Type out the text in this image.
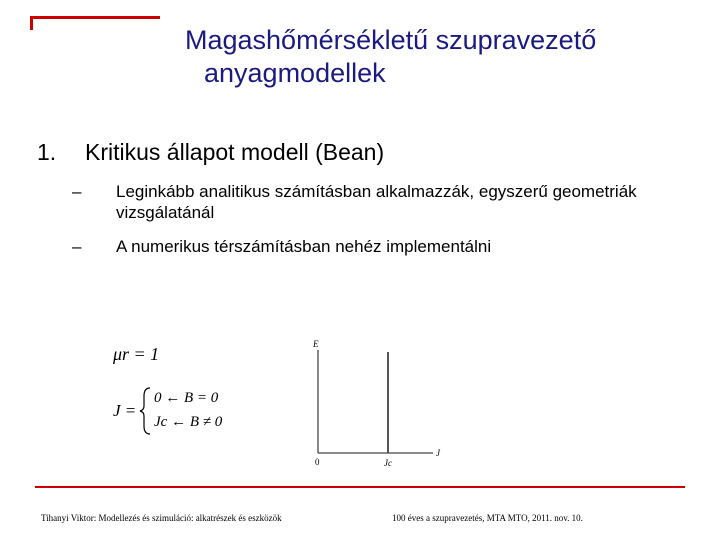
Magashőmérsékletű szupravezető
anyagmodellek
1. Kritikus állapot modell (Bean)
– Leginkább analitikus számításban alkalmazzák, egyszerű geometriák vizsgálatánál
– A numerikus térszámításban nehéz implementálni
μr = 1
J =
0 ← B = 0
Jc ← B ≠ 0
E
J
0	Jc
Tihanyi Viktor: Modellezés és szimuláció: alkatrészek és eszközök	100 éves a szupravezetés, MTA MTO, 2011. nov. 10.
